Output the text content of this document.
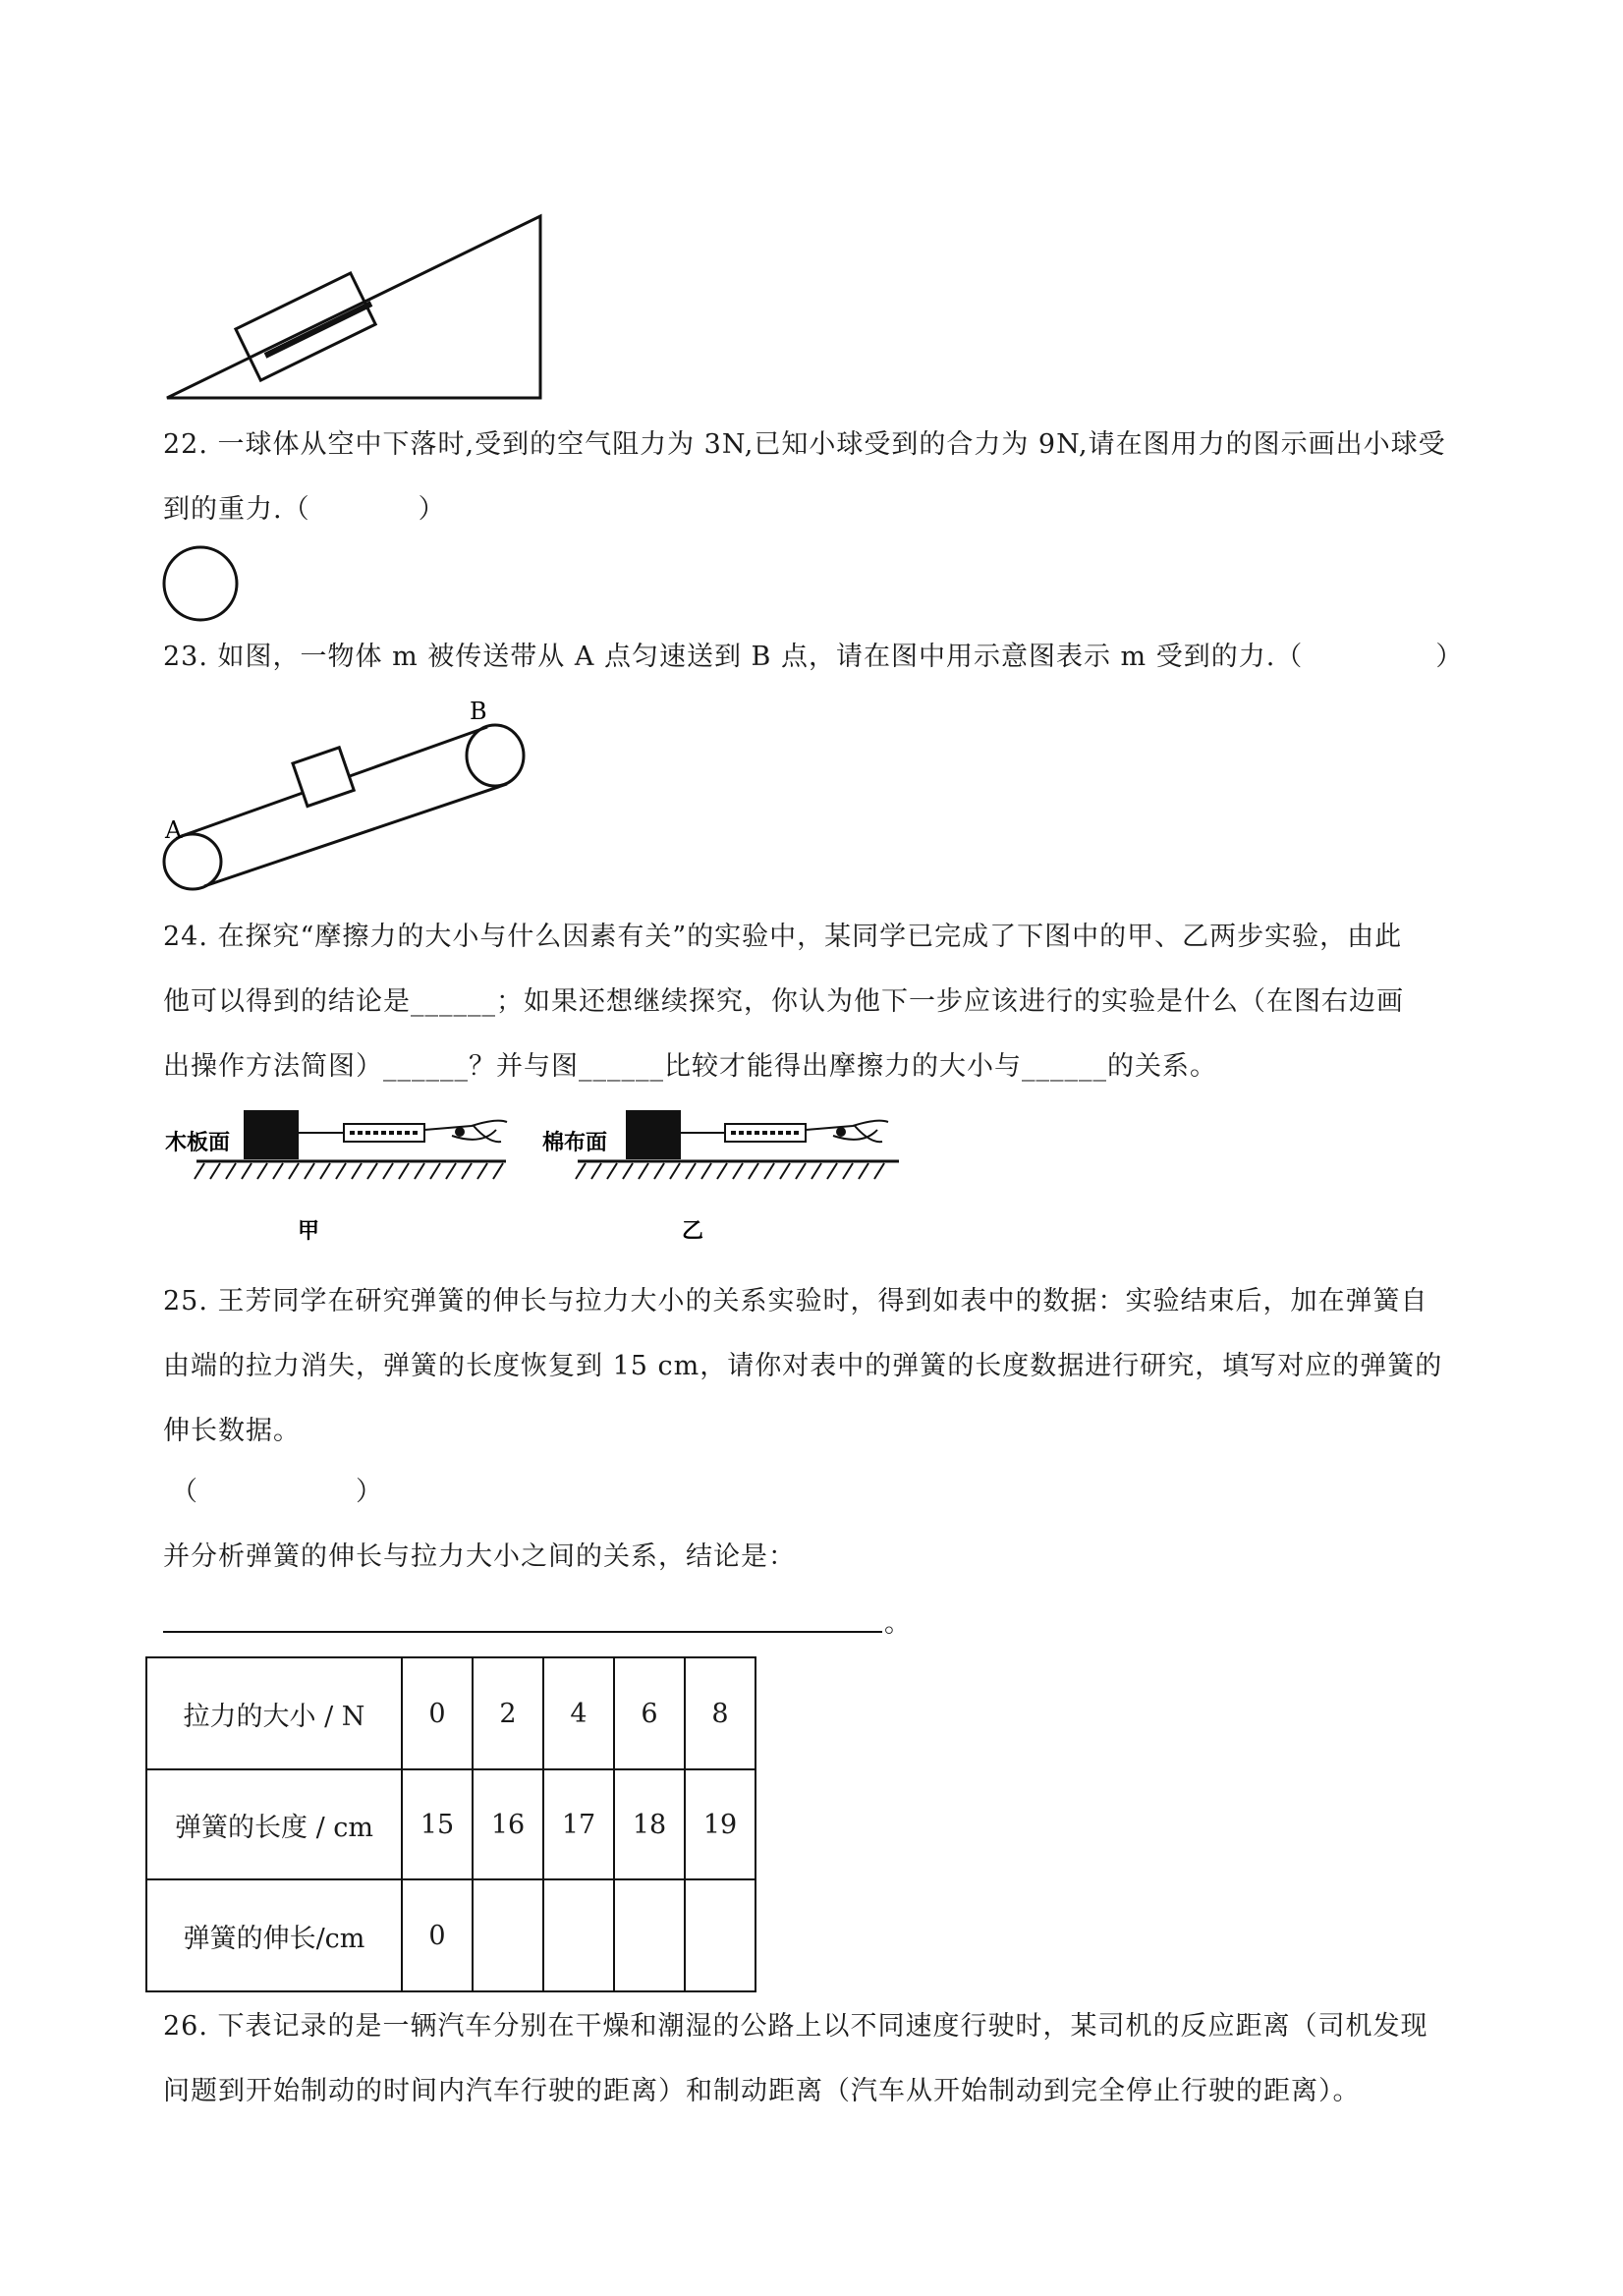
22. 一球体从空中下落时,受到的空气阻力为 3N,已知小球受到的合力为 9N,请在图用力的图示画出小球受
到的重力.（	）
23. 如图，一物体 m 被传送带从 A 点匀速送到 B 点，请在图中用示意图表示 m 受到的力.（	）
A
B
24. 在探究“摩擦力的大小与什么因素有关”的实验中，某同学已完成了下图中的甲、乙两步实验，由此
他可以得到的结论是______；如果还想继续探究，你认为他下一步应该进行的实验是什么（在图右边画
出操作方法简图）______？并与图______比较才能得出摩擦力的大小与______的关系。
木板面
甲
棉布面
乙
25. 王芳同学在研究弹簧的伸长与拉力大小的关系实验时，得到如表中的数据：实验结束后，加在弹簧自
由端的拉力消失，弹簧的长度恢复到 15 cm，请你对表中的弹簧的长度数据进行研究，填写对应的弹簧的
伸长数据。
（	）
并分析弹簧的伸长与拉力大小之间的关系，结论是：
。
拉力的大小 / N	0	2	4	6	8
弹簧的长度 / cm	15	16	17	18	19
弹簧的伸长/cm	0				
26. 下表记录的是一辆汽车分别在干燥和潮湿的公路上以不同速度行驶时，某司机的反应距离（司机发现
问题到开始制动的时间内汽车行驶的距离）和制动距离（汽车从开始制动到完全停止行驶的距离）。
